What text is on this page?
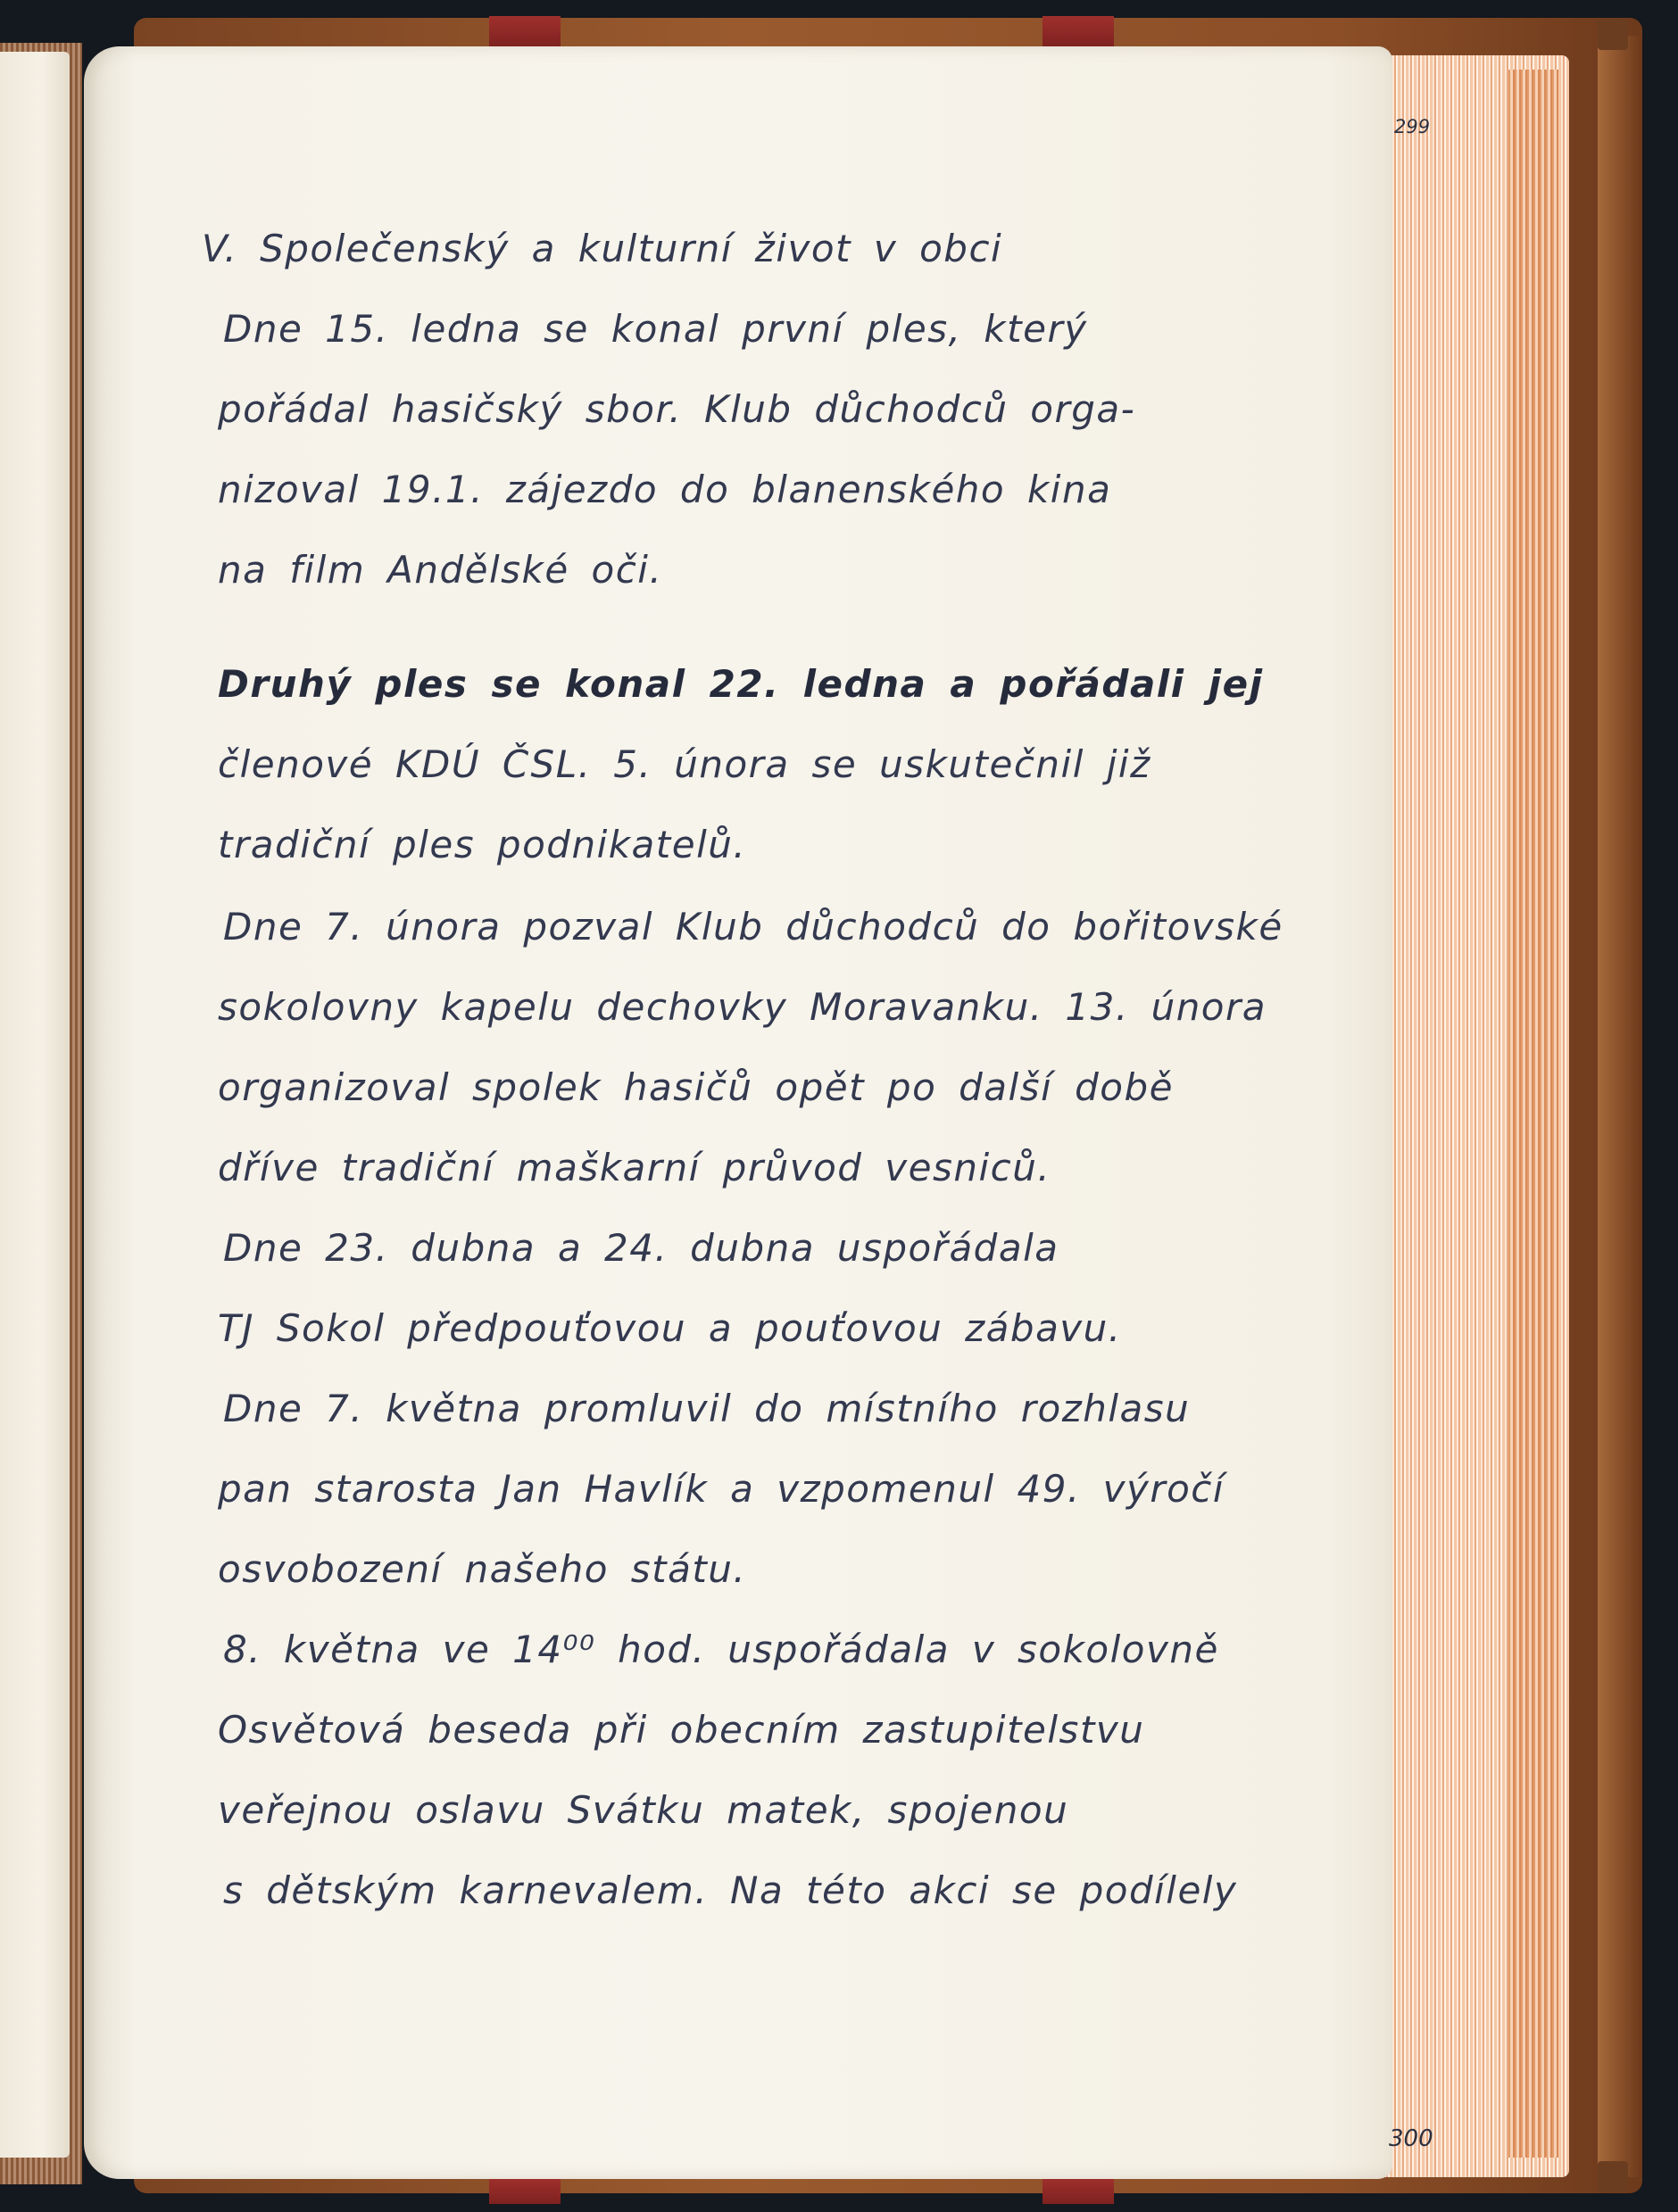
299
300
V. Společenský a kulturní život v obci
Dne 15. ledna se konal první ples, který
pořádal hasičský sbor. Klub důchodců orga-
nizoval 19.1. zájezdo do blanenského kina
na film Andělské oči.
Druhý ples se konal 22. ledna a pořádali jej
členové KDÚ ČSL. 5. února se uskutečnil již
tradiční ples podnikatelů.
Dne 7. února pozval Klub důchodců do bořitovské
sokolovny kapelu dechovky Moravanku. 13. února
organizoval spolek hasičů opět po další době
dříve tradiční maškarní průvod vesniců.
Dne 23. dubna a 24. dubna uspořádala
TJ Sokol předpouťovou a pouťovou zábavu.
Dne 7. května promluvil do místního rozhlasu
pan starosta Jan Havlík a vzpomenul 49. výročí
osvobození našeho státu.
8. května ve 14⁰⁰ hod. uspořádala v sokolovně
Osvětová beseda při obecním zastupitelstvu
veřejnou oslavu Svátku matek, spojenou
s dětským karnevalem. Na této akci se podílely
